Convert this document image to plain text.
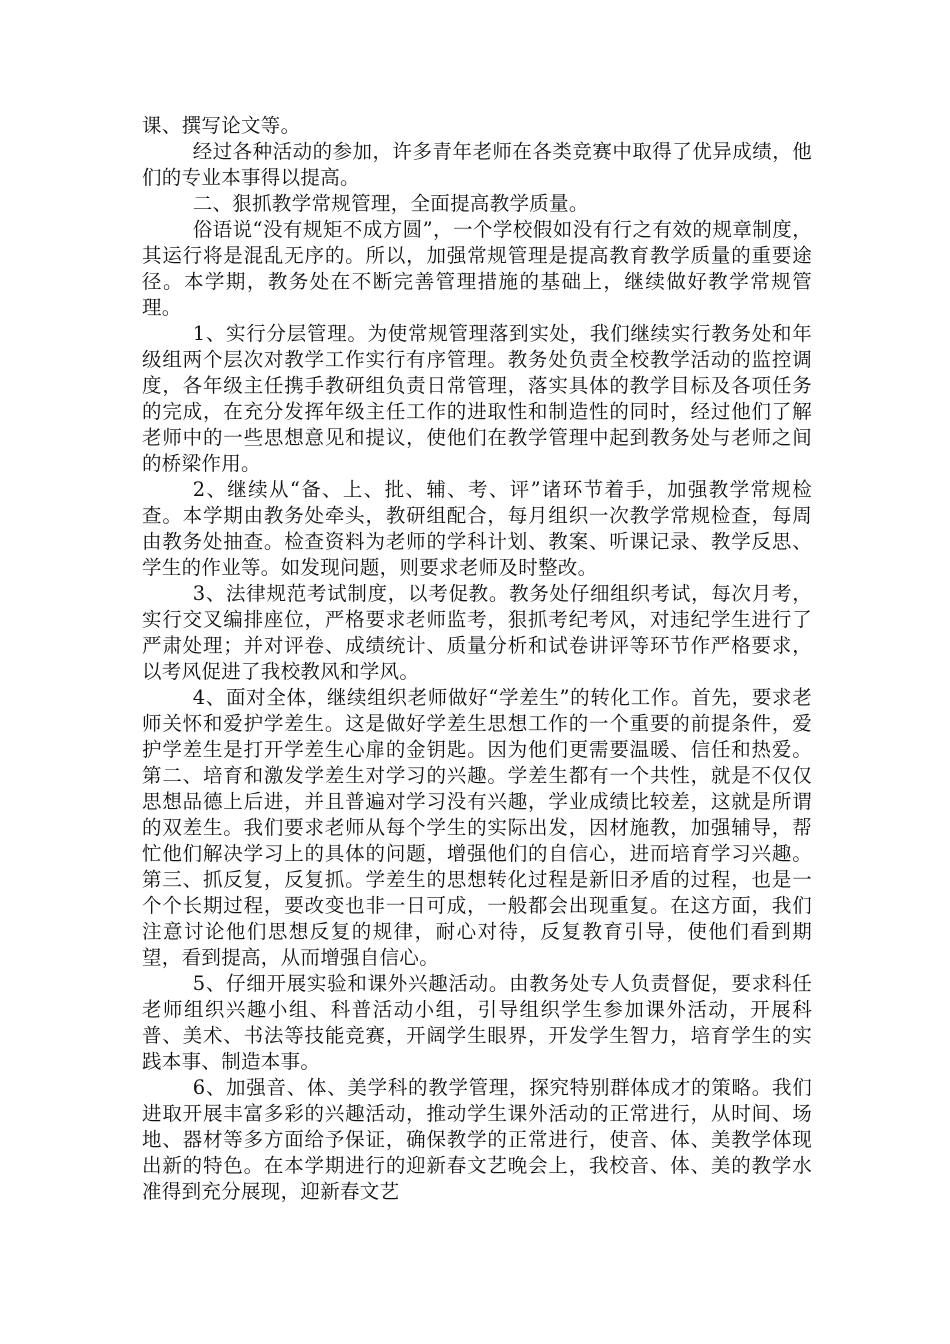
课、撰写论文等。

经过各种活动的参加，许多青年老师在各类竞赛中取得了优异成绩，他们的专业本事得以提高。

二、狠抓教学常规管理，全面提高教学质量。

俗语说“没有规矩不成方圆”，一个学校假如没有行之有效的规章制度，其运行将是混乱无序的。所以，加强常规管理是提高教育教学质量的重要途径。本学期，教务处在不断完善管理措施的基础上，继续做好教学常规管理。

1、实行分层管理。为使常规管理落到实处，我们继续实行教务处和年级组两个层次对教学工作实行有序管理。教务处负责全校教学活动的监控调度，各年级主任携手教研组负责日常管理，落实具体的教学目标及各项任务的完成，在充分发挥年级主任工作的进取性和制造性的同时，经过他们了解老师中的一些思想意见和提议，使他们在教学管理中起到教务处与老师之间的桥梁作用。

2、继续从“备、上、批、辅、考、评”诸环节着手，加强教学常规检查。本学期由教务处牵头，教研组配合，每月组织一次教学常规检查，每周由教务处抽查。检查资料为老师的学科计划、教案、听课记录、教学反思、学生的作业等。如发现问题，则要求老师及时整改。

3、法律规范考试制度，以考促教。教务处仔细组织考试，每次月考，实行交叉编排座位，严格要求老师监考，狠抓考纪考风，对违纪学生进行了严肃处理；并对评卷、成绩统计、质量分析和试卷讲评等环节作严格要求，以考风促进了我校教风和学风。

4、面对全体，继续组织老师做好“学差生”的转化工作。首先，要求老师关怀和爱护学差生。这是做好学差生思想工作的一个重要的前提条件，爱护学差生是打开学差生心扉的金钥匙。因为他们更需要温暖、信任和热爱。第二、培育和激发学差生对学习的兴趣。学差生都有一个共性，就是不仅仅思想品德上后进，并且普遍对学习没有兴趣，学业成绩比较差，这就是所谓的双差生。我们要求老师从每个学生的实际出发，因材施教，加强辅导，帮忙他们解决学习上的具体的问题，增强他们的自信心，进而培育学习兴趣。第三、抓反复，反复抓。学差生的思想转化过程是新旧矛盾的过程，也是一个个长期过程，要改变也非一日可成，一般都会出现重复。在这方面，我们注意讨论他们思想反复的规律，耐心对待，反复教育引导，使他们看到期望，看到提高，从而增强自信心。

5、仔细开展实验和课外兴趣活动。由教务处专人负责督促，要求科任老师组织兴趣小组、科普活动小组，引导组织学生参加课外活动，开展科普、美术、书法等技能竞赛，开阔学生眼界，开发学生智力，培育学生的实践本事、制造本事。

6、加强音、体、美学科的教学管理，探究特别群体成才的策略。我们进取开展丰富多彩的兴趣活动，推动学生课外活动的正常进行，从时间、场地、器材等多方面给予保证，确保教学的正常进行，使音、体、美教学体现出新的特色。在本学期进行的迎新春文艺晚会上，我校音、体、美的教学水准得到充分展现，迎新春文艺
